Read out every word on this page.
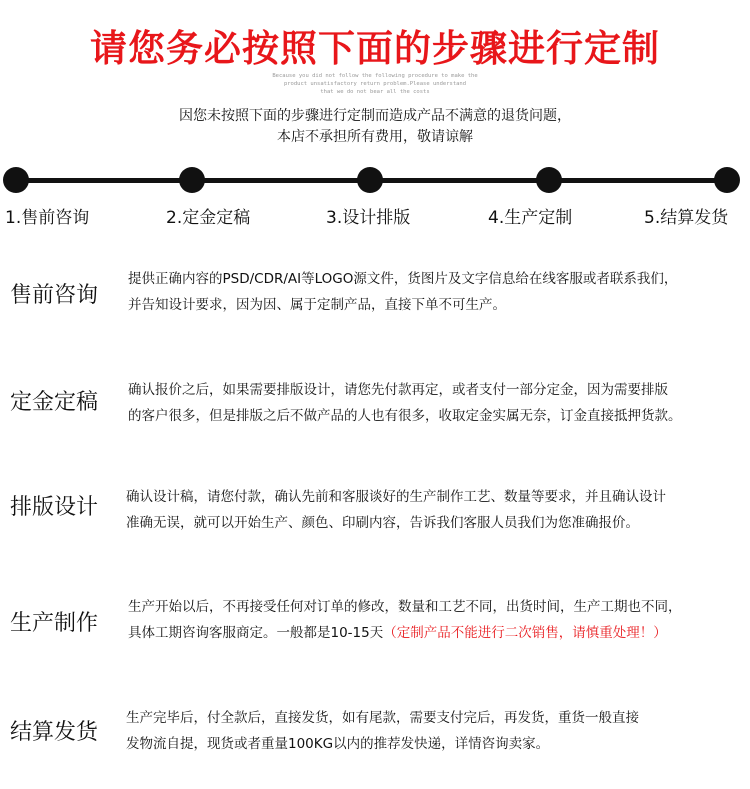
请您务必按照下面的步骤进行定制
Because you did not follow the following procedure to make the
product unsatisfactory return problem.Please understand
that we do not bear all the costs
因您未按照下面的步骤进行定制而造成产品不满意的退货问题，
本店不承担所有费用，敬请谅解
1.售前咨询	2.定金定稿	3.设计排版	4.生产定制	5.结算发货
售前咨询
提供正确内容的PSD/CDR/AI等LOGO源文件，货图片及文字信息给在线客服或者联系我们，
并告知设计要求，因为因、属于定制产品，直接下单不可生产。
定金定稿 确认报价之后，如果需要排版设计，请您先付款再定，或者支付一部分定金，因为需要排版
的客户很多，但是排版之后不做产品的人也有很多，收取定金实属无奈，订金直接抵押货款。
排版设计 确认设计稿，请您付款，确认先前和客服谈好的生产制作工艺、数量等要求，并且确认设计
准确无误，就可以开始生产、颜色、印刷内容，告诉我们客服人员我们为您准确报价。
生产制作
生产开始以后，不再接受任何对订单的修改，数量和工艺不同，出货时间，生产工期也不同，
具体工期咨询客服商定。一般都是10-15天（定制产品不能进行二次销售，请慎重处理！）
结算发货
生产完毕后，付全款后，直接发货，如有尾款，需要支付完后，再发货，重货一般直接
发物流自提，现货或者重量100KG以内的推荐发快递，详情咨询卖家。
